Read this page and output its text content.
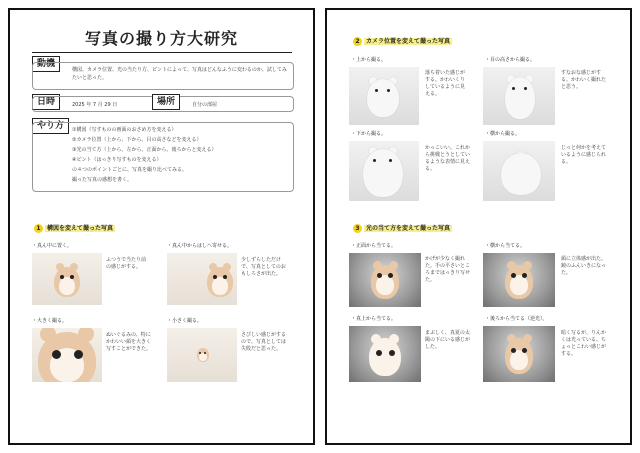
写真の撮り方大研究
動機
構図、カメラ位置、光の当たり方、ピントによって、写真はどんなふうに変わるのか、試してみたいと思った。
日時	2025 年 7 月 29 日	場所	自分の部屋
やり方	①構図（写すものの画面のおさめ方を変える）
②カメラ位置（上から、下から、目の高さなどを変える）
③光の当て方（上から、左から、正面から、後ろからと変える）
④ピント（はっきり写すものを変える）
の４つのポイントごとに、写真を撮り比べてみる。
撮った写真の感想を書く。
1 構図を変えて撮った写真
・真ん中に置く。
ふつうで当たり前の感じがする。
・真ん中からはしへ寄せる。
少しずらしただけで、写真としてのおもしろさが出た。
・大きく撮る。
ぬいぐるみの、特にかわいい顔を大きく写すことができた。
・小さく撮る。
さびしい感じがするので、写真としては失敗だと思った。
2 カメラ位置を変えて撮った写真
・上から撮る。
落ち着いた感じがする。かわいくりしているように見える。
・目の高さから撮る。
すなおな感じがする。かわいく撮れたと思う。
・下から撮る。
かっこいい。これから挑戦とうとしているような表情に見える。
・横から撮る。
じっと何かを考えているように感じられる。
3 光の当て方を変えて撮った写真
・正面から当てる。
かげが少なく撮れた。手の平さいところまではっきり写せた。
・横から当てる。
顔に立体感が出た。鏡のふんいきになった。
・真上から当てる。
まぶしく、真夏の太陽の下にいる感じがした。
・後ろから当てる（逆光）。
暗く写るが、りんかくは光っている。ちょっとこわい感じがする。
